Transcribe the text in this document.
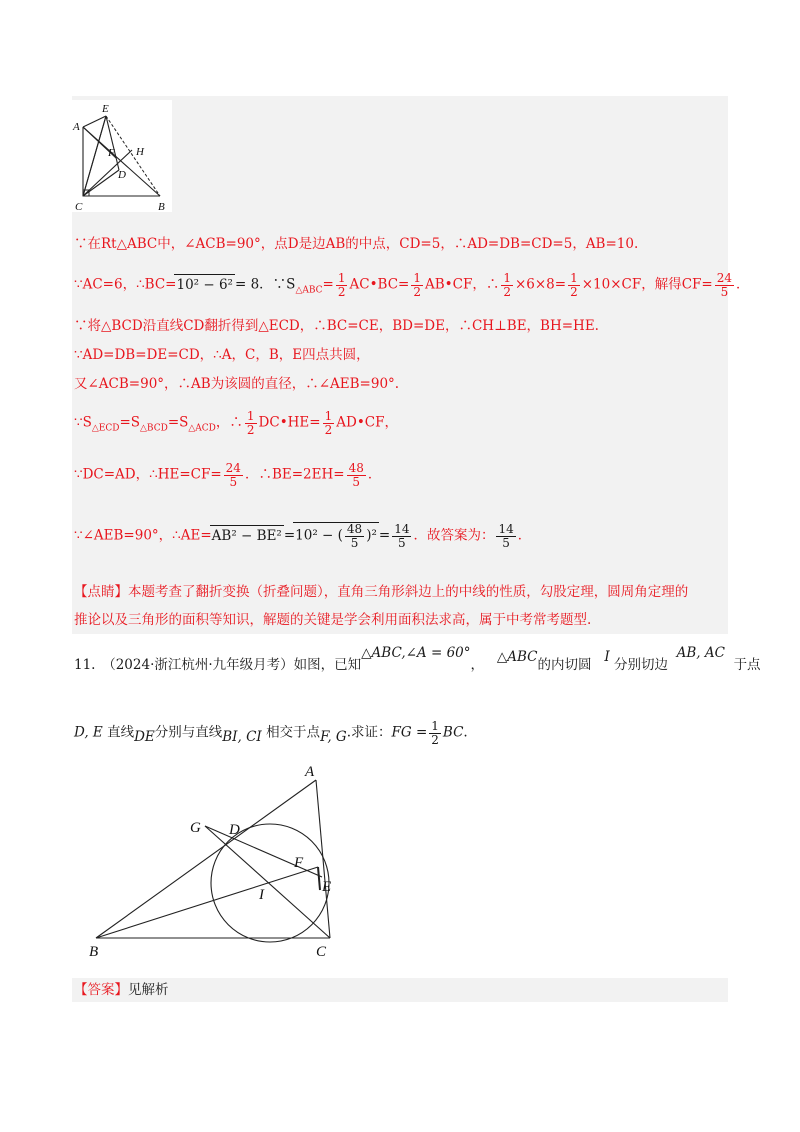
E
A
F H
D
C	B
∵在Rt△ABC中，∠ACB=90°，点D是边AB的中点，CD=5，∴AD=DB=CD=5，AB=10.
∵AC=6，∴BC=10² − 6² = 8．$\because S_{\triangle ABC}= \frac{1}{2}$ AC•BC= $\frac{1}{2}$ AB•CF，∴ $\frac{1}{2} \times 6\times 8= \frac{1}{2} \times 10\times CF$，解得$CF= \frac{24}{5}$ ．
∵将△BCD沿直线CD翻折得到△ECD，∴BC=CE，BD=DE，∴CH⊥BE，BH=HE.
∵AD=DB=DE=CD，∴A，C，B，E四点共圆，
又∠ACB=90°，∴AB为该圆的直径，∴∠AEB=90°.
$\because S_{\triangle ECD}=S_{\triangle BCD}=S_{\triangle ACD}$，∴ $\frac{1}{2}$ DC•HE= $\frac{1}{2}$ AD•CF，
∵DC=AD，∴HE=CF= $\frac{24}{5}$ ．∴BE=2EH= $\frac{48}{5}$ ．
∵∠AEB=90°，∴AE=AB² − BE² =10² − ( $\frac{48}{5} )^2 = \frac{14}{5}$ ．故答案为： $\frac{14}{5}$ ．
【点睛】本题考查了翻折变换（折叠问题），直角三角形斜边上的中线的性质，勾股定理，圆周角定理的
推论以及三角形的面积等知识，解题的关键是学会利用面积法求高，属于中考常考题型.
11.　（2024·浙江杭州·九年级月考）如图，已知△ABC,∠A = 60°， △ABC的内切圆 I 分别切边  AB, AC  于点
D, E 直线DE分别与直线BI, CI 相交于点F, G.求证：FG = $\frac{1}{2}$ BC.
A
G D
F
E
I
B	C
【答案】见解析
